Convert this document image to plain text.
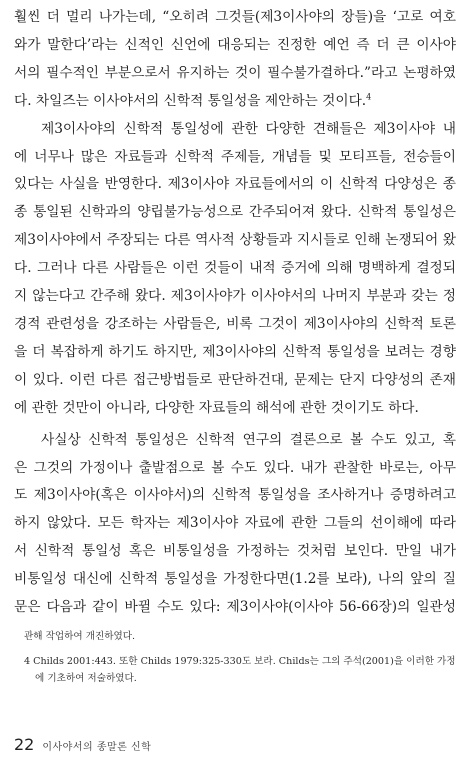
훨씬 더 멀리 나가는데, “오히려 그것들(제3이사야의 장들)을 ‘고로 여호

와가 말한다’라는 신적인 신언에 대응되는 진정한 예언 즉 더 큰 이사야

서의 필수적인 부분으로서 유지하는 것이 필수불가결하다.”라고 논평하였

다. 차일즈는 이사야서의 신학적 통일성을 제안하는 것이다.$^4$

제3이사야의 신학적 통일성에 관한 다양한 견해들은 제3이사야 내

에 너무나 많은 자료들과 신학적 주제들, 개념들 및 모티프들, 전승들이

있다는 사실을 반영한다. 제3이사야 자료들에서의 이 신학적 다양성은 종

종 통일된 신학과의 양립불가능성으로 간주되어져 왔다. 신학적 통일성은

제3이사야에서 주장되는 다른 역사적 상황들과 지시들로 인해 논쟁되어 왔

다. 그러나 다른 사람들은 이런 것들이 내적 증거에 의해 명백하게 결정되

지 않는다고 간주해 왔다. 제3이사야가 이사야서의 나머지 부분과 갖는 정

경적 관련성을 강조하는 사람들은, 비록 그것이 제3이사야의 신학적 토론

을 더 복잡하게 하기도 하지만, 제3이사야의 신학적 통일성을 보려는 경향

이 있다. 이런 다른 접근방법들로 판단하건대, 문제는 단지 다양성의 존재

에 관한 것만이 아니라, 다양한 자료들의 해석에 관한 것이기도 하다.

사실상 신학적 통일성은 신학적 연구의 결론으로 볼 수도 있고, 혹

은 그것의 가정이나 출발점으로 볼 수도 있다. 내가 관찰한 바로는, 아무

도 제3이사야(혹은 이사야서)의 신학적 통일성을 조사하거나 증명하려고

하지 않았다. 모든 학자는 제3이사야 자료에 관한 그들의 선이해에 따라

서 신학적 통일성 혹은 비통일성을 가정하는 것처럼 보인다. 만일 내가

비통일성 대신에 신학적 통일성을 가정한다면(1.2를 보라), 나의 앞의 질

문은 다음과 같이 바뀔 수도 있다: 제3이사야(이사야 56-66장)의 일관성

관해 작업하여 개진하였다.

4 Childs 2001:443. 또한 Childs 1979:325-330도 보라. Childs는 그의 주석(2001)을 이러한 가정에 기초하여 저술하였다.

22 이사야서의 종말론 신학
